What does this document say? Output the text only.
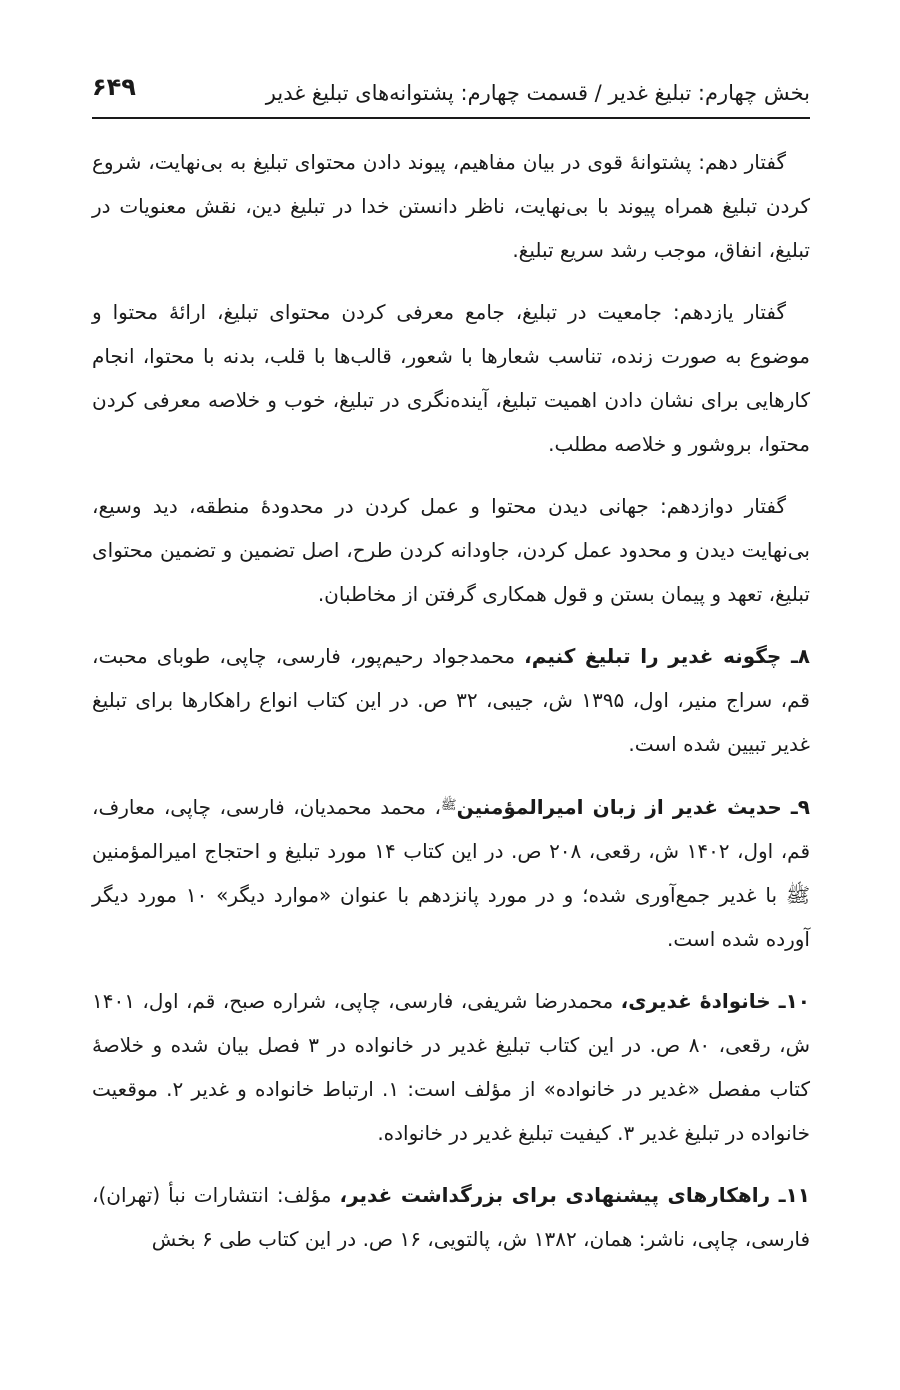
بخش چهارم: تبلیغ غدیر / قسمت چهارم: پشتوانه‌های تبلیغ غدیر
۶۴۹

گفتار دهم: پشتوانهٔ قوی در بیان مفاهیم، پیوند دادن محتوای تبلیغ به بی‌نهایت، شروع کردن تبلیغ همراه پیوند با بی‌نهایت، ناظر دانستن خدا در تبلیغ دین، نقش معنویات در تبلیغ، انفاق، موجب رشد سریع تبلیغ.

گفتار یازدهم: جامعیت در تبلیغ، جامع معرفی کردن محتوای تبلیغ، ارائهٔ محتوا و موضوع به صورت زنده، تناسب شعارها با شعور، قالب‌ها با قلب، بدنه با محتوا، انجام کارهایی برای نشان دادن اهمیت تبلیغ، آینده‌نگری در تبلیغ، خوب و خلاصه معرفی کردن محتوا، بروشور و خلاصه مطلب.

گفتار دوازدهم: جهانی دیدن محتوا و عمل کردن در محدودهٔ منطقه، دید وسیع، بی‌نهایت دیدن و محدود عمل کردن، جاودانه کردن طرح، اصل تضمین و تضمین محتوای تبلیغ، تعهد و پیمان بستن و قول همکاری گرفتن از مخاطبان.

۸ـ چگونه غدیر را تبلیغ کنیم، محمدجواد رحیم‌پور، فارسی، چاپی، طوبای محبت، قم، سراج منیر، اول، ۱۳۹۵ ش، جیبی، ۳۲ ص. در این کتاب انواع راهکارها برای تبلیغ غدیر تبیین شده است.

۹ـ حدیث غدیر از زبان امیرالمؤمنین$^ﷺ$، محمد محمدیان، فارسی، چاپی، معارف، قم، اول، ۱۴۰۲ ش، رقعی، ۲۰۸ ص. در این کتاب ۱۴ مورد تبلیغ و احتجاج امیرالمؤمنین ﷺ با غدیر جمع‌آوری شده؛ و در مورد پانزدهم با عنوان «موارد دیگر» ۱۰ مورد دیگر آورده شده است.

۱۰ـ خانوادهٔ غدیری، محمدرضا شریفی، فارسی، چاپی، شراره صبح، قم، اول، ۱۴۰۱ ش، رقعی، ۸۰ ص. در این کتاب تبلیغ غدیر در خانواده در ۳ فصل بیان شده و خلاصهٔ کتاب مفصل «غدیر در خانواده» از مؤلف است: ۱. ارتباط خانواده و غدیر ۲. موقعیت خانواده در تبلیغ غدیر ۳. کیفیت تبلیغ غدیر در خانواده.

۱۱ـ راهکارهای پیشنهادی برای بزرگداشت غدیر، مؤلف: انتشارات نبأ (تهران)، فارسی، چاپی، ناشر: همان، ۱۳۸۲ ش، پالتویی، ۱۶ ص. در این کتاب طی ۶ بخش
